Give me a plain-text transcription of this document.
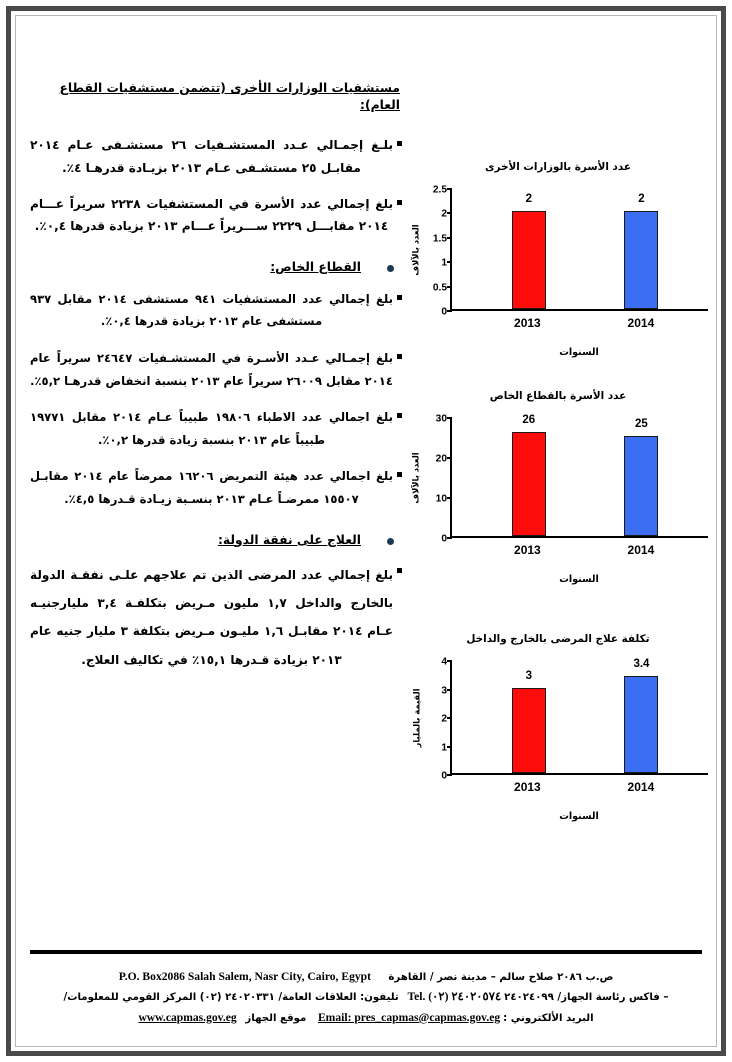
مستشفيات الوزارات الأخرى (تتضمن مستشفيات القطاع العام):
بلـغ إجمـالي عـدد المستشـفيات ٢٦ مستشـفى عـام ٢٠١٤ مقابـل ٢٥ مستشـفى عـام ٢٠١٣ بزيـادة قدرهـا ٤٪.
بلغ إجمالي عدد الأسرة في المستشفيات ٢٢٣٨ سريراً عـــام ٢٠١٤ مقابـــل ٢٢٢٩ ســـريراً عـــام ٢٠١٣ بزيادة قدرها ٠,٤٪.
القطاع الخاص:
بلغ إجمالي عدد المستشفيات ٩٤١ مستشفى ٢٠١٤ مقابل ٩٣٧ مستشفى عام ٢٠١٣ بزيادة قدرها ٠,٤٪.
بلغ إجمـالي عـدد الأسـرة في المستشـفيات ٢٤٦٤٧ سريراً عام ٢٠١٤ مقابل ٢٦٠٠٩ سريراً عام ٢٠١٣ بنسبة انخفاض قدرهـا ٥,٢٪.
بلغ اجمالي عدد الاطباء ١٩٨٠٦ طبيباً عـام ٢٠١٤ مقابل ١٩٧٧١ طبيباً عام ٢٠١٣ بنسبة زيادة قدرها ٠,٢٪.
بلغ اجمالي عدد هيئة التمريض ١٦٢٠٦ ممرضاً عام ٢٠١٤ مقابـل ١٥٥٠٧ ممرضـاً عـام ٢٠١٣ بنسـبة زيـادة قـدرها ٤,٥٪.
العلاج على نفقة الدولة:
بلغ إجمالي عدد المرضى الذين تم علاجهم علـى نفقـة الدولة بالخارج والداخل ١,٧ مليون مـريض بتكلفـة ٣,٤ مليارجنيـه عـام ٢٠١٤ مقابـل ١,٦ مليـون مـريض بتكلفة ٣ مليار جنيه عام ٢٠١٣ بزيادة قـدرها ١٥,١٪ في تكاليف العلاج.
عدد الأسرة بالوزارات الأخرى
العدد بالآلاف
0
0.5
1
1.5
2
2.5
2	2
2013	2014
السنوات
عدد الأسرة بالقطاع الخاص
العدد بالآلاف
0
10
20
30	26	25
2013	2014
السنوات
تكلفة علاج المرضى بالخارج والداخل
القيمة بالمليار
0
1
2
3
4
3
3.4
2013	2014
السنوات
ص.ب ٢٠٨٦ صلاح سالم – مدينة نصر / القاهرة      P.O. Box2086 Salah Salem, Nasr City, Cairo, Egypt
– فاكس رئاسة الجهاز/ ٢٤٠٢٤٠٩٩ Tel. (٠٢) ٢٤٠٢٠٥٧٤   تليفون: العلاقات العامة/ ٢٤٠٢٠٣٣١ (٠٢) المركز القومي للمعلومات/
البريد الألكتروني : Email: pres_capmas@capmas.gov.eg    موقع الجهاز   www.capmas.gov.eg
